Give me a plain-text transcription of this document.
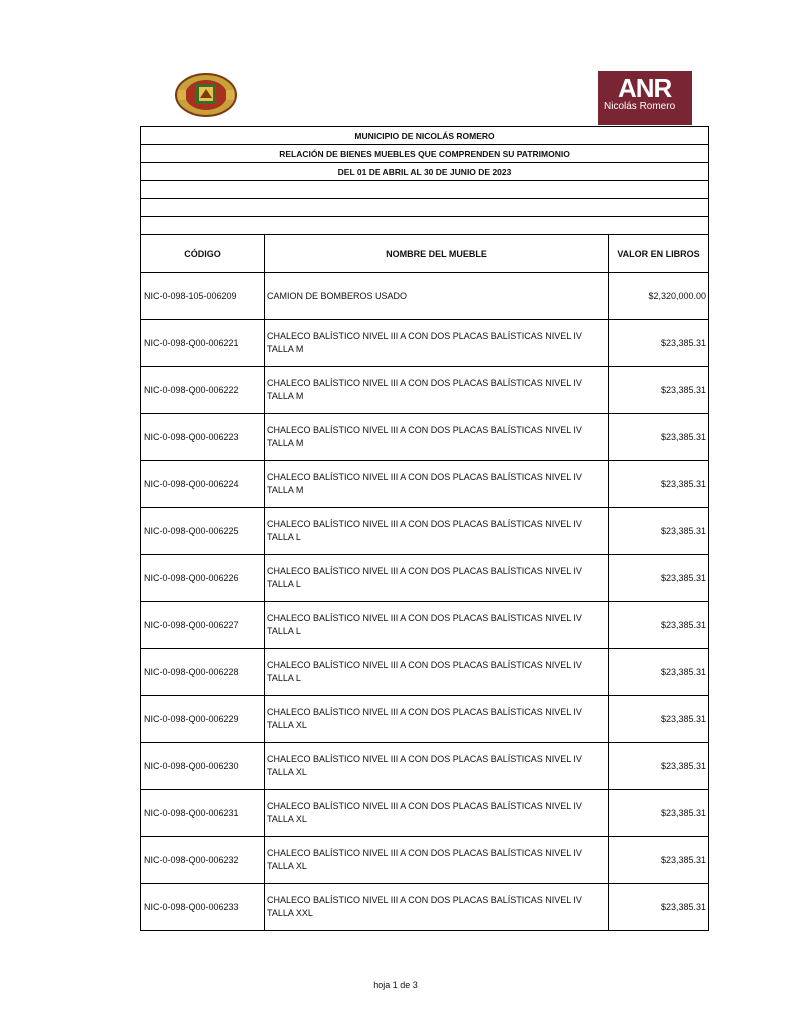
ANR
Nicolás Romero
MUNICIPIO DE NICOLÁS ROMERO		
RELACIÓN DE BIENES MUEBLES QUE COMPRENDEN SU PATRIMONIO		
DEL 01 DE ABRIL AL 30 DE JUNIO DE 2023		

CÓDIGO	NOMBRE DEL MUEBLE	VALOR EN LIBROS
NIC-0-098-105-006209	CAMION DE BOMBEROS USADO	$2,320,000.00
NIC-0-098-Q00-006221	CHALECO BALÍSTICO NIVEL III A CON DOS PLACAS BALÍSTICAS NIVEL IV TALLA M	$23,385.31
NIC-0-098-Q00-006222	CHALECO BALÍSTICO NIVEL III A CON DOS PLACAS BALÍSTICAS NIVEL IV TALLA M	$23,385.31
NIC-0-098-Q00-006223	CHALECO BALÍSTICO NIVEL III A CON DOS PLACAS BALÍSTICAS NIVEL IV TALLA M	$23,385.31
NIC-0-098-Q00-006224	CHALECO BALÍSTICO NIVEL III A CON DOS PLACAS BALÍSTICAS NIVEL IV TALLA M	$23,385.31
NIC-0-098-Q00-006225	CHALECO BALÍSTICO NIVEL III A CON DOS PLACAS BALÍSTICAS NIVEL IV TALLA L	$23,385.31
NIC-0-098-Q00-006226	CHALECO BALÍSTICO NIVEL III A CON DOS PLACAS BALÍSTICAS NIVEL IV TALLA L	$23,385.31
NIC-0-098-Q00-006227	CHALECO BALÍSTICO NIVEL III A CON DOS PLACAS BALÍSTICAS NIVEL IV TALLA L	$23,385.31
NIC-0-098-Q00-006228	CHALECO BALÍSTICO NIVEL III A CON DOS PLACAS BALÍSTICAS NIVEL IV TALLA L	$23,385.31
NIC-0-098-Q00-006229	CHALECO BALÍSTICO NIVEL III A CON DOS PLACAS BALÍSTICAS NIVEL IV TALLA XL	$23,385.31
NIC-0-098-Q00-006230	CHALECO BALÍSTICO NIVEL III A CON DOS PLACAS BALÍSTICAS NIVEL IV TALLA XL	$23,385.31
NIC-0-098-Q00-006231	CHALECO BALÍSTICO NIVEL III A CON DOS PLACAS BALÍSTICAS NIVEL IV TALLA XL	$23,385.31
NIC-0-098-Q00-006232	CHALECO BALÍSTICO NIVEL III A CON DOS PLACAS BALÍSTICAS NIVEL IV TALLA XL	$23,385.31
NIC-0-098-Q00-006233	CHALECO BALÍSTICO NIVEL III A CON DOS PLACAS BALÍSTICAS NIVEL IV TALLA XXL	$23,385.31
hoja 1 de 3
